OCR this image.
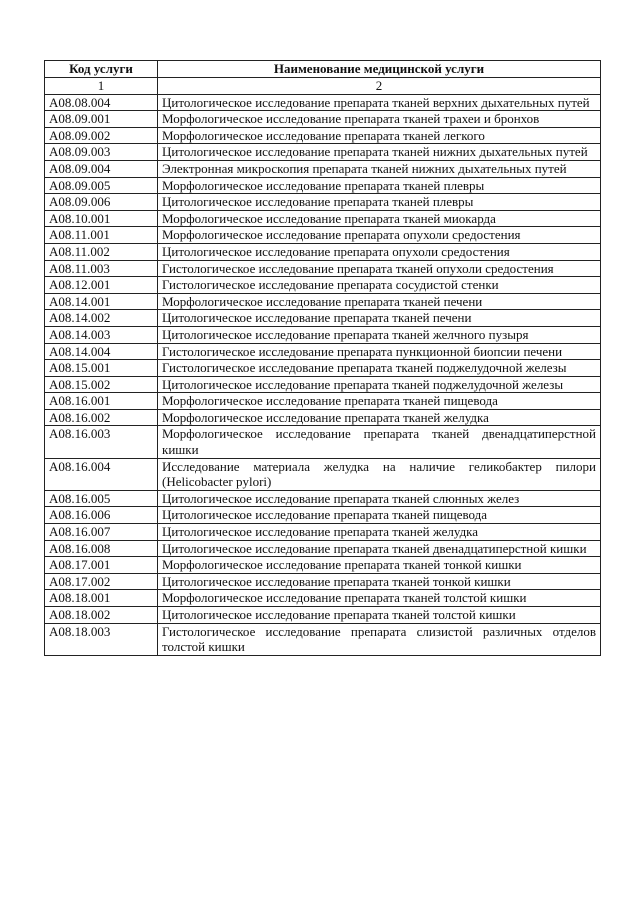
Код услуги	Наименование медицинской услуги
1	2
A08.08.004	Цитологическое исследование препарата тканей верхних дыхательных путей
A08.09.001	Морфологическое исследование препарата тканей трахеи и бронхов
A08.09.002	Морфологическое исследование препарата тканей легкого
A08.09.003	Цитологическое исследование препарата тканей нижних дыхательных путей
A08.09.004	Электронная микроскопия препарата тканей нижних дыхательных путей
A08.09.005	Морфологическое исследование препарата тканей плевры
A08.09.006	Цитологическое исследование препарата тканей плевры
A08.10.001	Морфологическое исследование препарата тканей миокарда
A08.11.001	Морфологическое исследование препарата опухоли средостения
A08.11.002	Цитологическое исследование препарата опухоли средостения
A08.11.003	Гистологическое исследование препарата тканей опухоли средостения
A08.12.001	Гистологическое исследование препарата сосудистой стенки
A08.14.001	Морфологическое исследование препарата тканей печени
A08.14.002	Цитологическое исследование препарата тканей печени
A08.14.003	Цитологическое исследование препарата тканей желчного пузыря
A08.14.004	Гистологическое исследование препарата пункционной биопсии печени
A08.15.001	Гистологическое исследование препарата тканей поджелудочной железы
A08.15.002	Цитологическое исследование препарата тканей поджелудочной железы
A08.16.001	Морфологическое исследование препарата тканей пищевода
A08.16.002	Морфологическое исследование препарата тканей желудка
A08.16.003	Морфологическое исследование препарата тканей двенадцатиперстной кишки
A08.16.004	Исследование материала желудка на наличие геликобактер пилори (Helicobacter pylori)
A08.16.005	Цитологическое исследование препарата тканей слюнных желез
A08.16.006	Цитологическое исследование препарата тканей пищевода
A08.16.007	Цитологическое исследование препарата тканей желудка
A08.16.008	Цитологическое исследование препарата тканей двенадцатиперстной кишки
A08.17.001	Морфологическое исследование препарата тканей тонкой кишки
A08.17.002	Цитологическое исследование препарата тканей тонкой кишки
A08.18.001	Морфологическое исследование препарата тканей толстой кишки
A08.18.002	Цитологическое исследование препарата тканей толстой кишки
A08.18.003	Гистологическое исследование препарата слизистой различных отделов толстой кишки
